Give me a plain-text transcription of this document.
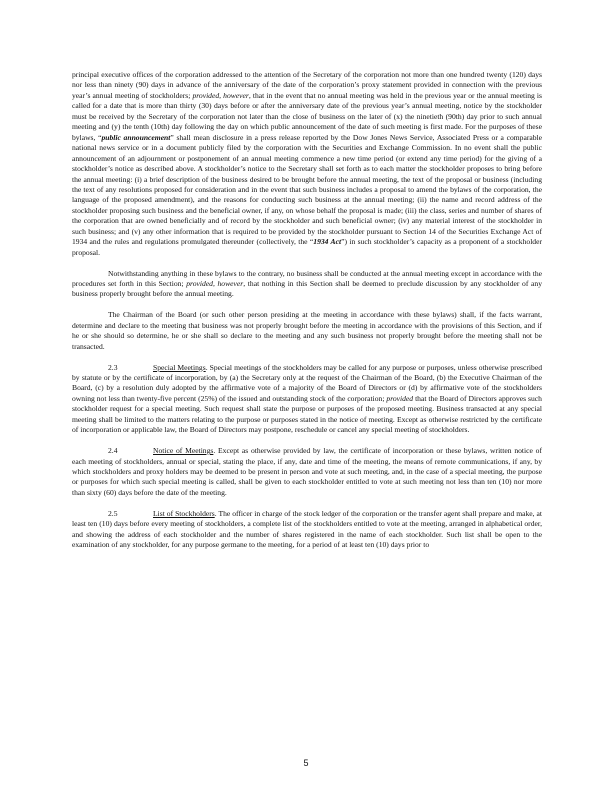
principal executive offices of the corporation addressed to the attention of the Secretary of the corporation not more than one hundred twenty (120) days nor less than ninety (90) days in advance of the anniversary of the date of the corporation’s proxy statement provided in connection with the previous year’s annual meeting of stockholders; provided, however, that in the event that no annual meeting was held in the previous year or the annual meeting is called for a date that is more than thirty (30) days before or after the anniversary date of the previous year’s annual meeting, notice by the stockholder must be received by the Secretary of the corporation not later than the close of business on the later of (x) the ninetieth (90th) day prior to such annual meeting and (y) the tenth (10th) day following the day on which public announcement of the date of such meeting is first made. For the purposes of these bylaws, “public announcement” shall mean disclosure in a press release reported by the Dow Jones News Service, Associated Press or a comparable national news service or in a document publicly filed by the corporation with the Securities and Exchange Commission. In no event shall the public announcement of an adjournment or postponement of an annual meeting commence a new time period (or extend any time period) for the giving of a stockholder’s notice as described above. A stockholder’s notice to the Secretary shall set forth as to each matter the stockholder proposes to bring before the annual meeting: (i) a brief description of the business desired to be brought before the annual meeting, the text of the proposal or business (including the text of any resolutions proposed for consideration and in the event that such business includes a proposal to amend the bylaws of the corporation, the language of the proposed amendment), and the reasons for conducting such business at the annual meeting; (ii) the name and record address of the stockholder proposing such business and the beneficial owner, if any, on whose behalf the proposal is made; (iii) the class, series and number of shares of the corporation that are owned beneficially and of record by the stockholder and such beneficial owner; (iv) any material interest of the stockholder in such business; and (v) any other information that is required to be provided by the stockholder pursuant to Section 14 of the Securities Exchange Act of 1934 and the rules and regulations promulgated thereunder (collectively, the “1934 Act”) in such stockholder’s capacity as a proponent of a stockholder proposal.

Notwithstanding anything in these bylaws to the contrary, no business shall be conducted at the annual meeting except in accordance with the procedures set forth in this Section; provided, however, that nothing in this Section shall be deemed to preclude discussion by any stockholder of any business properly brought before the annual meeting.

The Chairman of the Board (or such other person presiding at the meeting in accordance with these bylaws) shall, if the facts warrant, determine and declare to the meeting that business was not properly brought before the meeting in accordance with the provisions of this Section, and if he or she should so determine, he or she shall so declare to the meeting and any such business not properly brought before the meeting shall not be transacted.

2.3	Special Meetings. Special meetings of the stockholders may be called for any purpose or purposes, unless otherwise prescribed by statute or by the certificate of incorporation, by (a) the Secretary only at the request of the Chairman of the Board, (b) the Executive Chairman of the Board, (c) by a resolution duly adopted by the affirmative vote of a majority of the Board of Directors or (d) by affirmative vote of the stockholders owning not less than twenty-five percent (25%) of the issued and outstanding stock of the corporation; provided that the Board of Directors approves such stockholder request for a special meeting. Such request shall state the purpose or purposes of the proposed meeting. Business transacted at any special meeting shall be limited to the matters relating to the purpose or purposes stated in the notice of meeting. Except as otherwise restricted by the certificate of incorporation or applicable law, the Board of Directors may postpone, reschedule or cancel any special meeting of stockholders.

2.4	Notice of Meetings. Except as otherwise provided by law, the certificate of incorporation or these bylaws, written notice of each meeting of stockholders, annual or special, stating the place, if any, date and time of the meeting, the means of remote communications, if any, by which stockholders and proxy holders may be deemed to be present in person and vote at such meeting, and, in the case of a special meeting, the purpose or purposes for which such special meeting is called, shall be given to each stockholder entitled to vote at such meeting not less than ten (10) nor more than sixty (60) days before the date of the meeting.

2.5	List of Stockholders. The officer in charge of the stock ledger of the corporation or the transfer agent shall prepare and make, at least ten (10) days before every meeting of stockholders, a complete list of the stockholders entitled to vote at the meeting, arranged in alphabetical order, and showing the address of each stockholder and the number of shares registered in the name of each stockholder. Such list shall be open to the examination of any stockholder, for any purpose germane to the meeting, for a period of at least ten (10) days prior to

5
